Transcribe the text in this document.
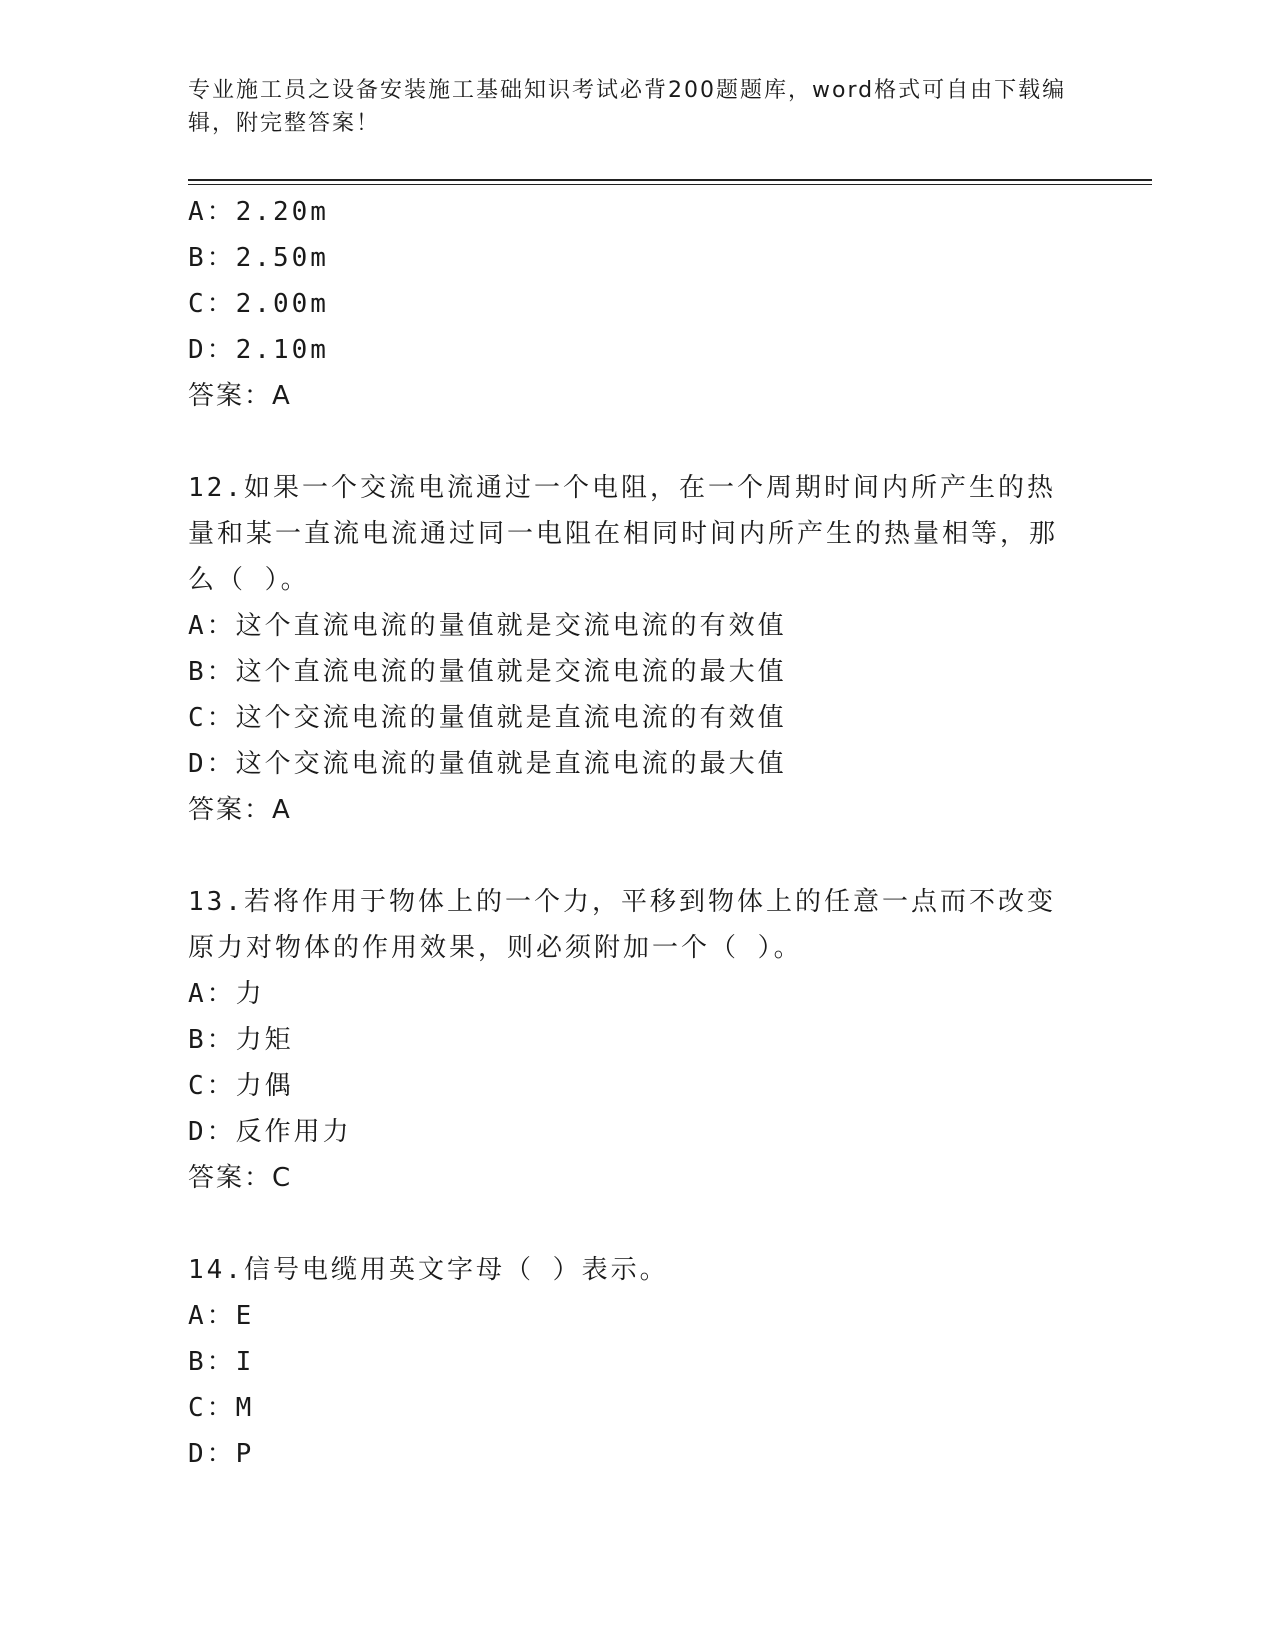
专业施工员之设备安装施工基础知识考试必背200题题库，word格式可自由下载编辑，附完整答案！
A：2.20m
B：2.50m
C：2.00m
D：2.10m
答案：A
12.如果一个交流电流通过一个电阻，在一个周期时间内所产生的热量和某一直流电流通过同一电阻在相同时间内所产生的热量相等，那么（ ）。
A：这个直流电流的量值就是交流电流的有效值
B：这个直流电流的量值就是交流电流的最大值
C：这个交流电流的量值就是直流电流的有效值
D：这个交流电流的量值就是直流电流的最大值
答案：A
13.若将作用于物体上的一个力，平移到物体上的任意一点而不改变原力对物体的作用效果，则必须附加一个（ ）。
A：力
B：力矩
C：力偶
D：反作用力
答案：C
14.信号电缆用英文字母（ ）表示。
A：E
B：I
C：M
D：P
